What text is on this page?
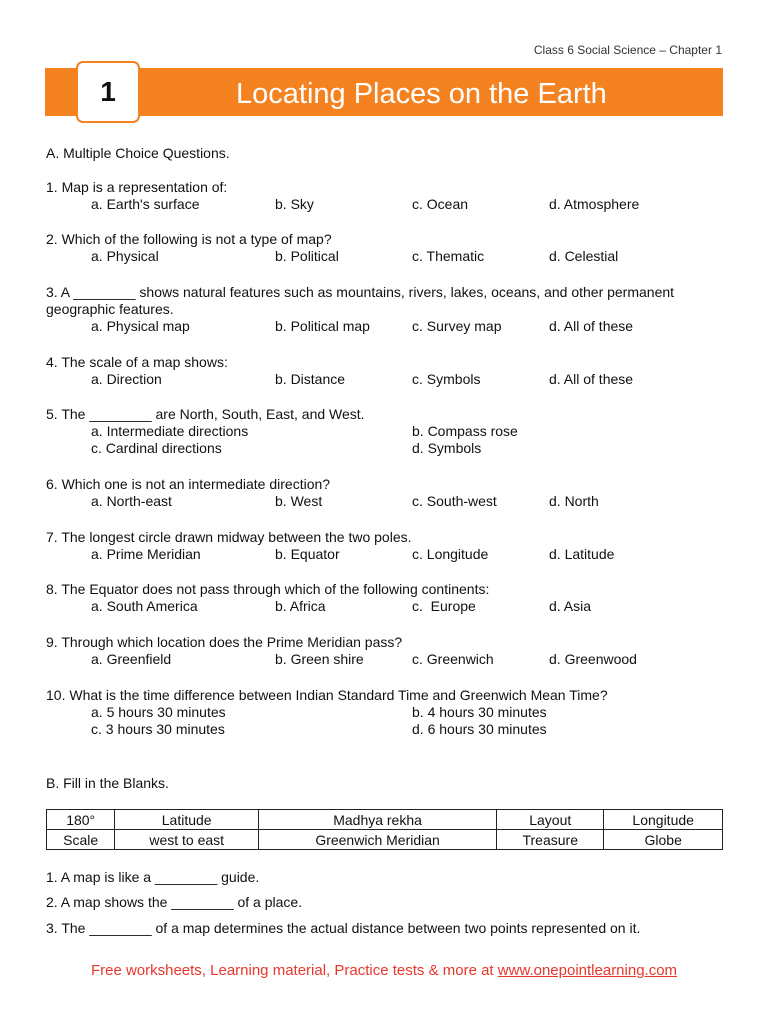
Class 6 Social Science – Chapter 1
1	Locating Places on the Earth
A. Multiple Choice Questions.
1. Map is a representation of:
a. Earth's surface	b. Sky	c. Ocean	d. Atmosphere
2. Which of the following is not a type of map?
a. Physical	b. Political	c. Thematic	d. Celestial
3. A ________ shows natural features such as mountains, rivers, lakes, oceans, and other permanent geographic features.
a. Physical map	b. Political map	c. Survey map	d. All of these
4. The scale of a map shows:
a. Direction	b. Distance	c. Symbols	d. All of these
5. The ________ are North, South, East, and West.
a. Intermediate directions	b. Compass rose
c. Cardinal directions	d. Symbols
6. Which one is not an intermediate direction?
a. North-east	b. West	c. South-west	d. North
7. The longest circle drawn midway between the two poles.
a. Prime Meridian	b. Equator	c. Longitude	d. Latitude
8. The Equator does not pass through which of the following continents:
a. South America	b. Africa	c.  Europe	d. Asia
9. Through which location does the Prime Meridian pass?
a. Greenfield	b. Green shire	c. Greenwich	d. Greenwood
10. What is the time difference between Indian Standard Time and Greenwich Mean Time?
a. 5 hours 30 minutes	b. 4 hours 30 minutes
c. 3 hours 30 minutes	d. 6 hours 30 minutes
B. Fill in the Blanks.
180°	Latitude	Madhya rekha	Layout	Longitude
Scale	west to east	Greenwich Meridian	Treasure	Globe
1. A map is like a ________ guide.
2. A map shows the ________ of a place.
3. The ________ of a map determines the actual distance between two points represented on it.
Free worksheets, Learning material, Practice tests & more at www.onepointlearning.com
